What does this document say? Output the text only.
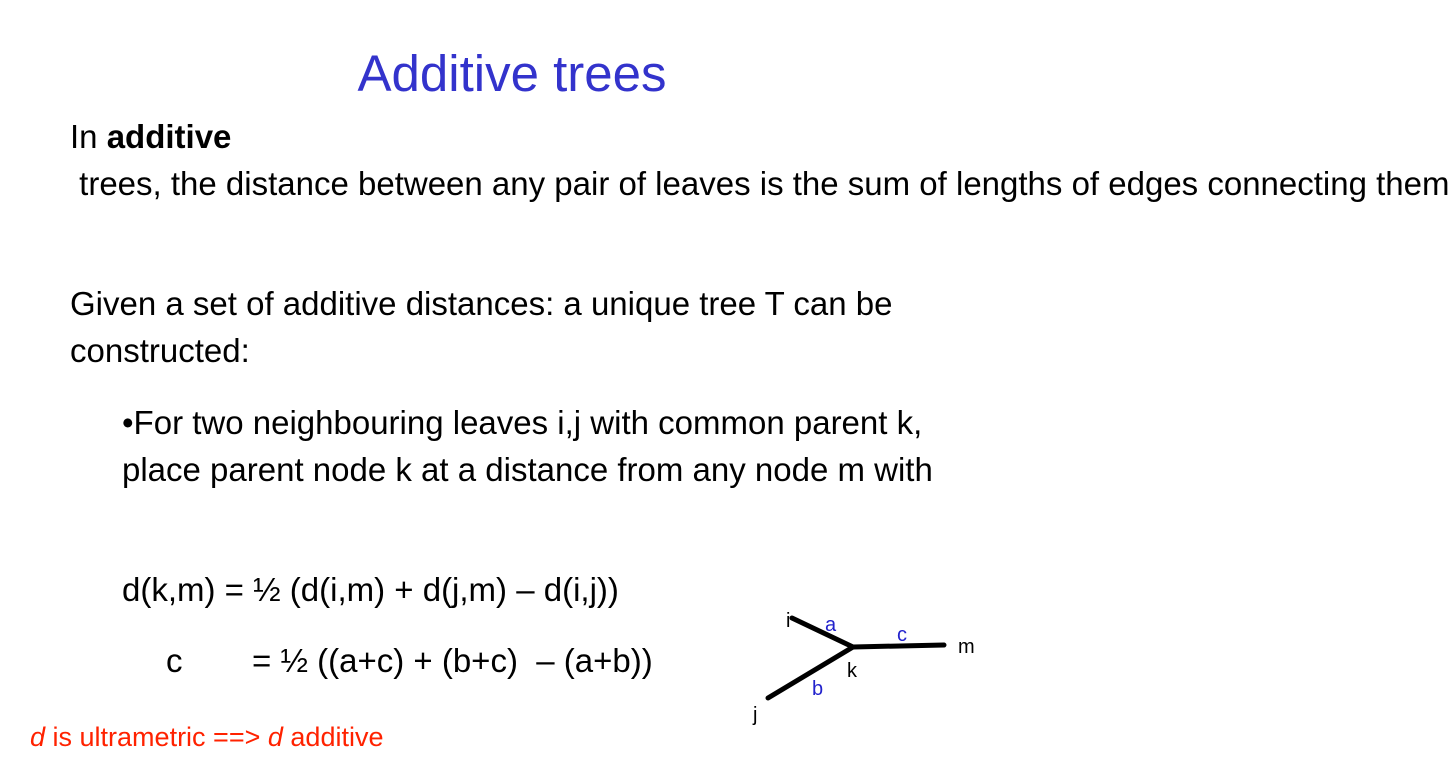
Additive trees
In additive trees, the distance between any pair of leaves is the sum of lengths of edges connecting them
Given a set of additive distances: a unique tree T can be constructed:
•For two neighbouring leaves i,j with common parent k, place parent node k at a distance from any node m with
d(k,m) = ½ (d(i,m) + d(j,m) – d(i,j))
c = ½ ((a+c) + (b+c)  – (a+b))
i
j
k
m
a
b
c
d is ultrametric ==> d additive
